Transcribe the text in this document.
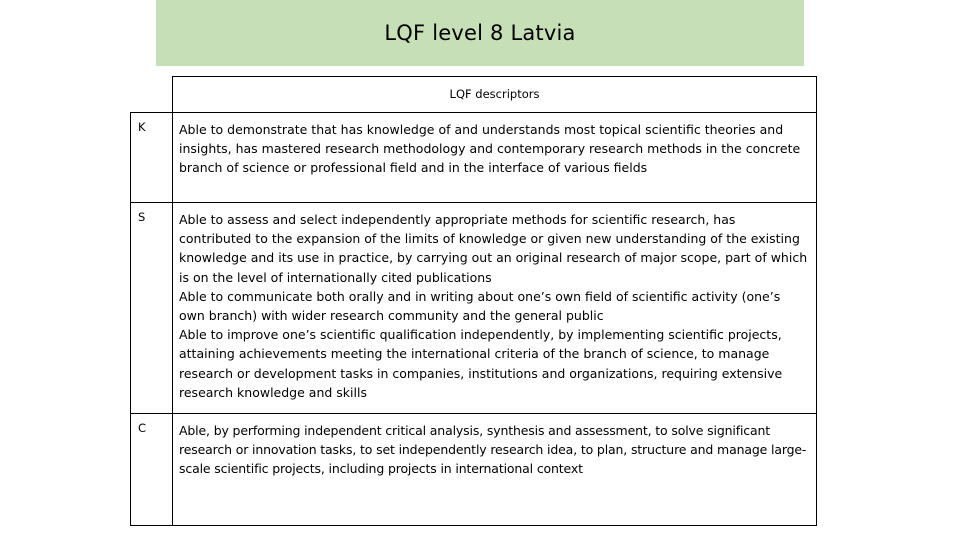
LQF level 8 Latvia
	LQF descriptors
K	Able to demonstrate that has knowledge of and understands most topical scientific theories and insights, has mastered research methodology and contemporary research methods in the concrete branch of science or professional field and in the interface of various fields

S	Able to assess and select independently appropriate methods for scientific research, has contributed to the expansion of the limits of knowledge or given new understanding of the existing knowledge and its use in practice, by carrying out an original research of major scope, part of which is on the level of internationally cited publications

Able to communicate both orally and in writing about one’s own field of scientific activity (one’s own branch) with wider research community and the general public

Able to improve one’s scientific qualification independently, by implementing scientific projects, attaining achievements meeting the international criteria of the branch of science, to manage research or development tasks in companies, institutions and organizations, requiring extensive research knowledge and skills

C	Able, by performing independent critical analysis, synthesis and assessment, to solve significant research or innovation tasks, to set independently research idea, to plan, structure and manage large-scale scientific projects, including projects in international context
